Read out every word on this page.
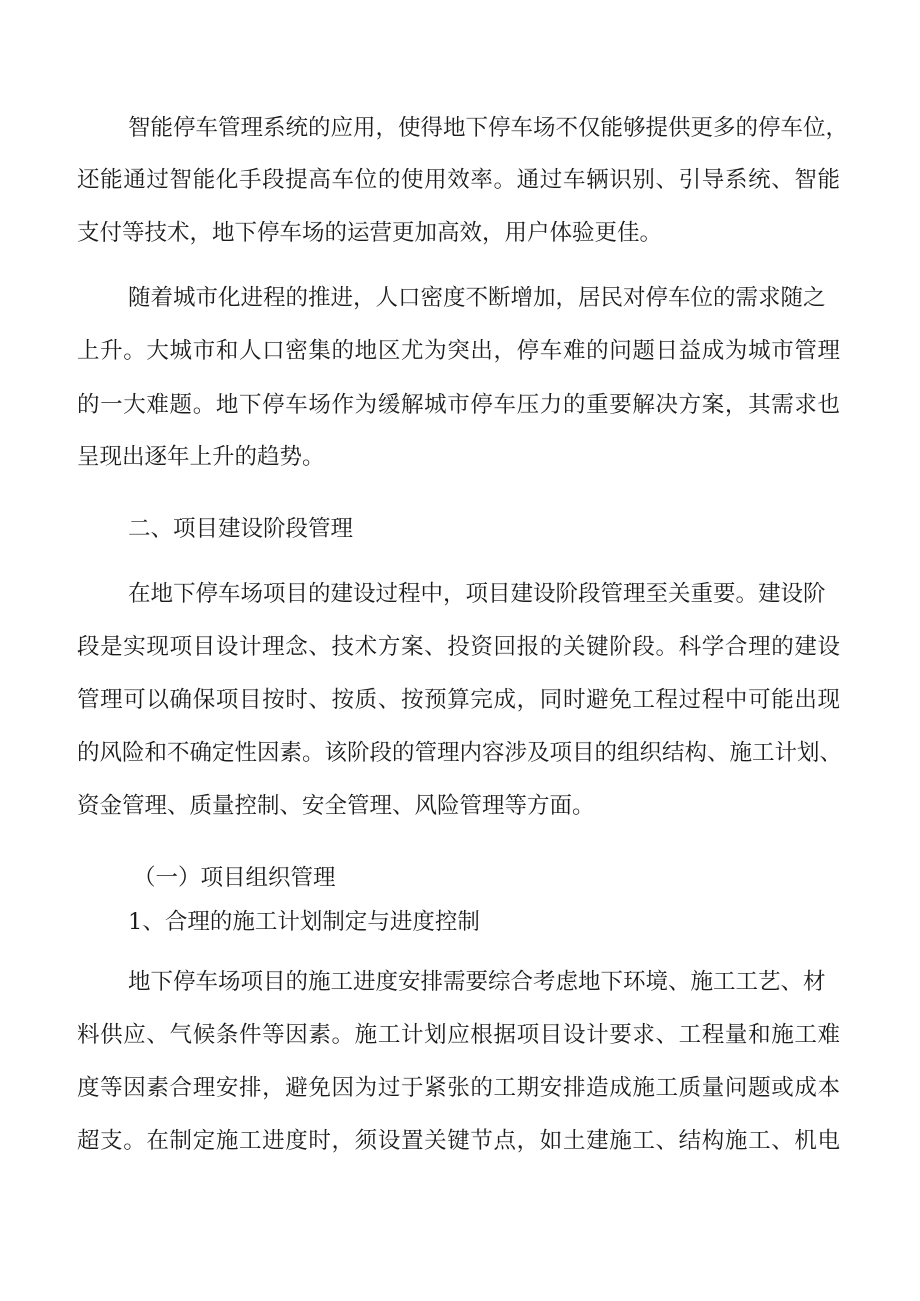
智能停车管理系统的应用，使得地下停车场不仅能够提供更多的停车位，

还能通过智能化手段提高车位的使用效率。通过车辆识别、引导系统、智能

支付等技术，地下停车场的运营更加高效，用户体验更佳。

随着城市化进程的推进，人口密度不断增加，居民对停车位的需求随之

上升。大城市和人口密集的地区尤为突出，停车难的问题日益成为城市管理

的一大难题。地下停车场作为缓解城市停车压力的重要解决方案，其需求也

呈现出逐年上升的趋势。

二、项目建设阶段管理

在地下停车场项目的建设过程中，项目建设阶段管理至关重要。建设阶

段是实现项目设计理念、技术方案、投资回报的关键阶段。科学合理的建设

管理可以确保项目按时、按质、按预算完成，同时避免工程过程中可能出现

的风险和不确定性因素。该阶段的管理内容涉及项目的组织结构、施工计划、

资金管理、质量控制、安全管理、风险管理等方面。

（一）项目组织管理
1、合理的施工计划制定与进度控制

地下停车场项目的施工进度安排需要综合考虑地下环境、施工工艺、材

料供应、气候条件等因素。施工计划应根据项目设计要求、工程量和施工难

度等因素合理安排，避免因为过于紧张的工期安排造成施工质量问题或成本

超支。在制定施工进度时，须设置关键节点，如土建施工、结构施工、机电
